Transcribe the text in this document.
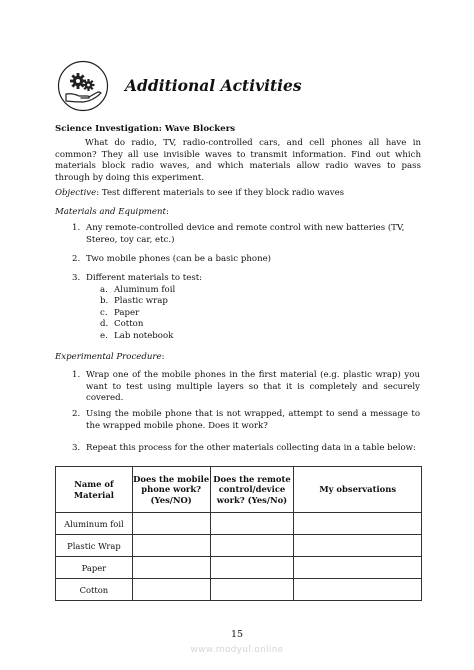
Additional Activities
Science Investigation: Wave Blockers

What do radio, TV, radio-controlled cars, and cell phones all have in common? They all use invisible waves to transmit information. Find out which materials block radio waves, and which materials allow radio waves to pass through by doing this experiment.

Objective: Test different materials to see if they block radio waves
Materials and Equipment:
1. Any remote-controlled device and remote control with new batteries (TV,
Stereo, toy car, etc.)
2. Two mobile phones (can be a basic phone)
3. Different materials to test:
a. Aluminum foil
b. Plastic wrap
c. Paper
d. Cotton
e. Lab notebook
Experimental Procedure:
1. Wrap one of the mobile phones in the first material (e.g. plastic wrap) you want to test using multiple layers so that it is completely and securely covered.

2. Using the mobile phone that is not wrapped, attempt to send a message to the wrapped mobile phone. Does it work?

3. Repeat this process for the other materials collecting data in a table below:

Name of Material	Does the mobile phone work? (Yes/NO)	Does the remote control/device work? (Yes/No)	My observations
Aluminum foil			
Plastic Wrap			
Paper			
Cotton			
15
www.modyul.online
